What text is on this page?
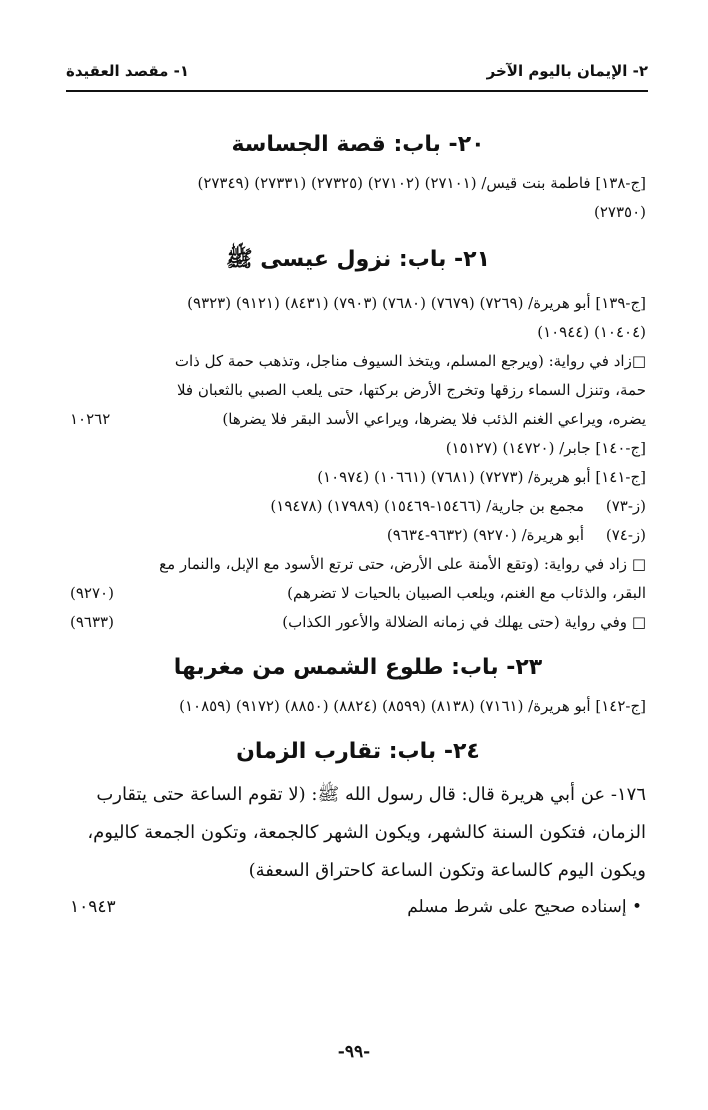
١- مقصد العقيدة	٢- الإيمان باليوم الآخر
٢٠- باب: قصة الجساسة
[ج-١٣٨] فاطمة بنت قيس/ (٢٧١٠١) (٢٧١٠٢) (٢٧٣٢٥) (٢٧٣٣١) (٢٧٣٤٩)
(٢٧٣٥٠)
٢١- باب: نزول عيسى ﷺ
[ج-١٣٩] أبو هريرة/ (٧٢٦٩) (٧٦٧٩) (٧٦٨٠) (٧٩٠٣) (٨٤٣١) (٩١٢١) (٩٣٢٣)
(١٠٤٠٤) (١٠٩٤٤)
□زاد في رواية: (ويرجع المسلم، ويتخذ السيوف مناجل، وتذهب حمة كل ذات
حمة، وتنزل السماء رزقها وتخرج الأرض بركتها، حتى يلعب الصبي بالثعبان فلا
يضره، ويراعي الغنم الذئب فلا يضرها، ويراعي الأسد البقر فلا يضرها)
١٠٢٦٢
[ج-١٤٠] جابر/ (١٤٧٢٠) (١٥١٢٧)
[ج-١٤١] أبو هريرة/ (٧٢٧٣) (٧٦٨١) (١٠٦٦١) (١٠٩٧٤)
(ز-٧٣)
مجمع بن جارية/ (١٥٤٦٦-١٥٤٦٩) (١٧٩٨٩) (١٩٤٧٨)
(ز-٧٤)
أبو هريرة/ (٩٢٧٠) (٩٦٣٢-٩٦٣٤)
□ زاد في رواية: (وتقع الأمنة على الأرض، حتى ترتع الأسود مع الإبل، والنمار مع
البقر، والذئاب مع الغنم، ويلعب الصبيان بالحيات لا تضرهم)
(٩٢٧٠)
□ وفي رواية (حتى يهلك في زمانه الضلالة والأعور الكذاب)
(٩٦٣٣)
٢٣- باب: طلوع الشمس من مغربها
[ج-١٤٢] أبو هريرة/ (٧١٦١) (٨١٣٨) (٨٥٩٩) (٨٨٢٤) (٨٨٥٠) (٩١٧٢) (١٠٨٥٩)
٢٤- باب: تقارب الزمان
١٧٦- عن أبي هريرة قال: قال رسول الله ﷺ: (لا تقوم الساعة حتى يتقارب
الزمان، فتكون السنة كالشهر، ويكون الشهر كالجمعة، وتكون الجمعة كاليوم،
ويكون اليوم كالساعة وتكون الساعة كاحتراق السعفة)
• إسناده صحيح على شرط مسلم
١٠٩٤٣
-٩٩-
